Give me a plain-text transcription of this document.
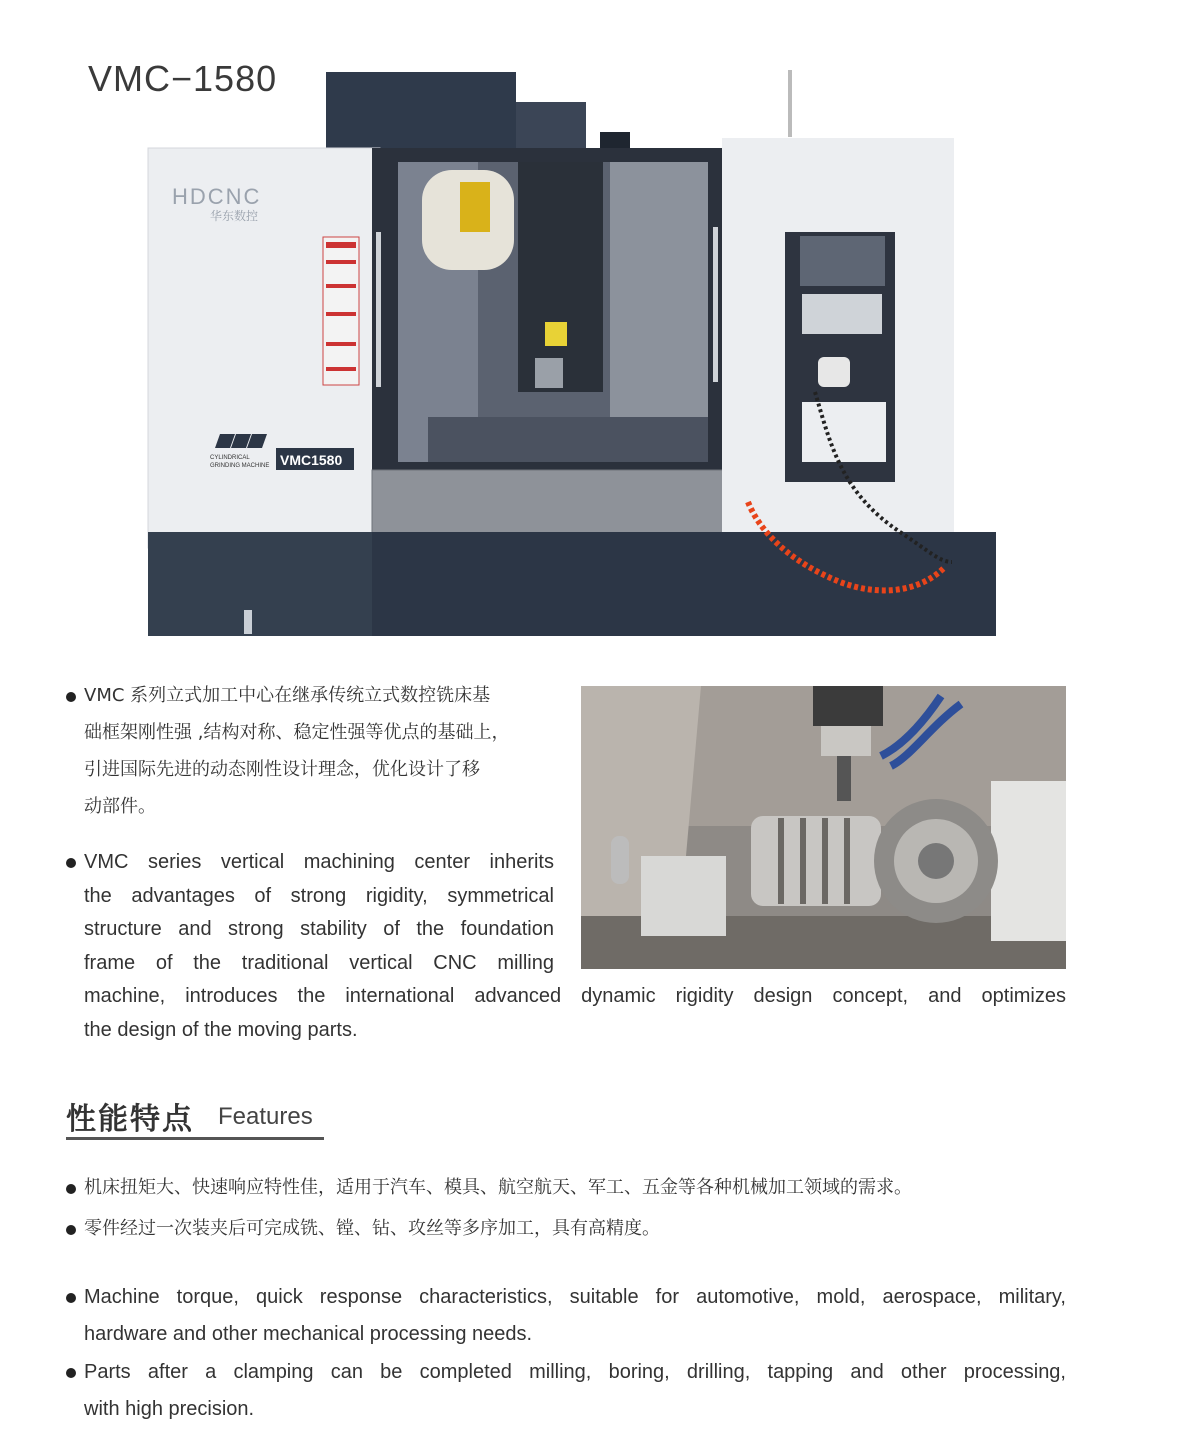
VMC−1580
HDCNC
华东数控
CYLINDRICAL
GRINDING MACHINE VMC1580
VMC 系列立式加工中心在继承传统立式数控铣床基
础框架刚性强 ,结构对称、稳定性强等优点的基础上，
引进国际先进的动态刚性设计理念，优化设计了移
动部件。
VMC series vertical machining center inherits
the advantages of strong rigidity, symmetrical
structure and strong stability of the foundation
frame of the traditional vertical CNC milling
machine, introduces the international advanced dynamic rigidity design concept, and optimizes
the design of the moving parts.
性能特点 Features
机床扭矩大、快速响应特性佳，适用于汽车、模具、航空航天、军工、五金等各种机械加工领域的需求。
零件经过一次装夹后可完成铣、镗、钻、攻丝等多序加工，具有高精度。
Machine torque, quick response characteristics, suitable for automotive, mold, aerospace, military,
hardware and other mechanical processing needs.
Parts after a clamping can be completed milling, boring, drilling, tapping and other processing,
with high precision.
